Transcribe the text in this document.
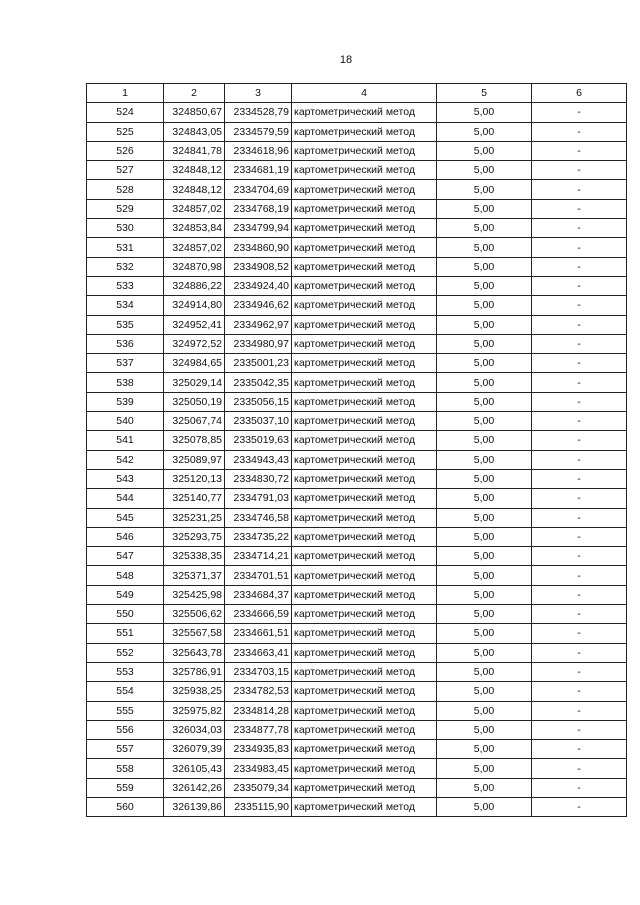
18
1	2	3	4	5	6
524	324850,67	2334528,79	картометрический метод	5,00	-
525	324843,05	2334579,59	картометрический метод	5,00	-
526	324841,78	2334618,96	картометрический метод	5,00	-
527	324848,12	2334681,19	картометрический метод	5,00	-
528	324848,12	2334704,69	картометрический метод	5,00	-
529	324857,02	2334768,19	картометрический метод	5,00	-
530	324853,84	2334799,94	картометрический метод	5,00	-
531	324857,02	2334860,90	картометрический метод	5,00	-
532	324870,98	2334908,52	картометрический метод	5,00	-
533	324886,22	2334924,40	картометрический метод	5,00	-
534	324914,80	2334946,62	картометрический метод	5,00	-
535	324952,41	2334962,97	картометрический метод	5,00	-
536	324972,52	2334980,97	картометрический метод	5,00	-
537	324984,65	2335001,23	картометрический метод	5,00	-
538	325029,14	2335042,35	картометрический метод	5,00	-
539	325050,19	2335056,15	картометрический метод	5,00	-
540	325067,74	2335037,10	картометрический метод	5,00	-
541	325078,85	2335019,63	картометрический метод	5,00	-
542	325089,97	2334943,43	картометрический метод	5,00	-
543	325120,13	2334830,72	картометрический метод	5,00	-
544	325140,77	2334791,03	картометрический метод	5,00	-
545	325231,25	2334746,58	картометрический метод	5,00	-
546	325293,75	2334735,22	картометрический метод	5,00	-
547	325338,35	2334714,21	картометрический метод	5,00	-
548	325371,37	2334701,51	картометрический метод	5,00	-
549	325425,98	2334684,37	картометрический метод	5,00	-
550	325506,62	2334666,59	картометрический метод	5,00	-
551	325567,58	2334661,51	картометрический метод	5,00	-
552	325643,78	2334663,41	картометрический метод	5,00	-
553	325786,91	2334703,15	картометрический метод	5,00	-
554	325938,25	2334782,53	картометрический метод	5,00	-
555	325975,82	2334814,28	картометрический метод	5,00	-
556	326034,03	2334877,78	картометрический метод	5,00	-
557	326079,39	2334935,83	картометрический метод	5,00	-
558	326105,43	2334983,45	картометрический метод	5,00	-
559	326142,26	2335079,34	картометрический метод	5,00	-
560	326139,86	2335115,90	картометрический метод	5,00	-
